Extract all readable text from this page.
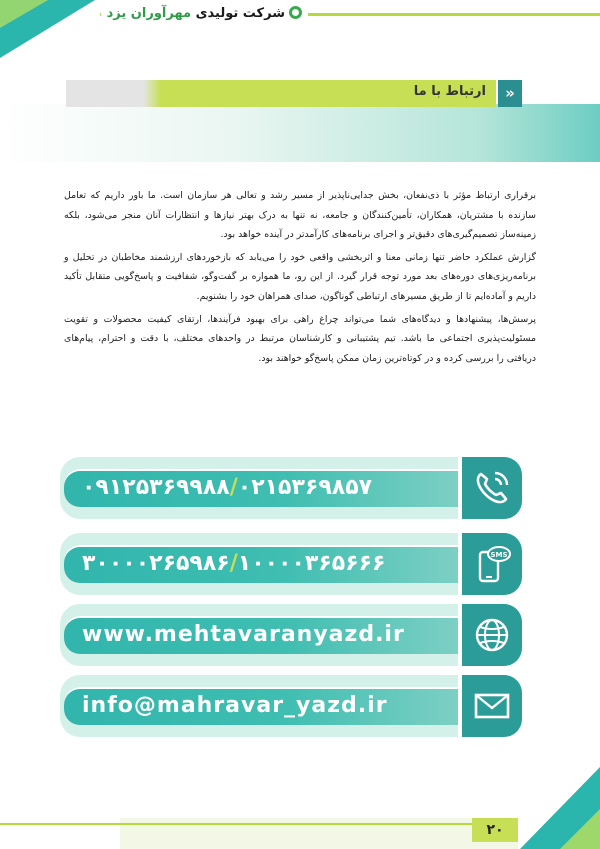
شرکت تولیدی مهرآوران یزد
ارتباط با ما	»

برقراری ارتباط مؤثر با ذی‌نفعان، بخش جدایی‌ناپذیر از مسیر رشد و تعالی هر سازمان است. ما باور داریم که تعامل سازنده با مشتریان، همکاران، تأمین‌کنندگان و جامعه، نه تنها به درک بهتر نیازها و انتظارات آنان منجر می‌شود، بلکه زمینه‌ساز تصمیم‌گیری‌های دقیق‌تر و اجرای برنامه‌های کارآمدتر در آینده خواهد بود.

گزارش عملکرد حاضر تنها زمانی معنا و اثربخشی واقعی خود را می‌یابد که بازخوردهای ارزشمند مخاطبان در تحلیل و برنامه‌ریزی‌های دوره‌های بعد مورد توجه قرار گیرد. از این رو، ما همواره بر گفت‌وگو، شفافیت و پاسخ‌گویی متقابل تأکید داریم و آماده‌ایم تا از طریق مسیرهای ارتباطی گوناگون، صدای همراهان خود را بشنویم.

پرسش‌ها، پیشنهادها و دیدگاه‌های شما می‌تواند چراغ راهی برای بهبود فرآیندها، ارتقای کیفیت محصولات و تقویت مسئولیت‌پذیری اجتماعی ما باشد. تیم پشتیبانی و کارشناسان مرتبط در واحدهای مختلف، با دقت و احترام، پیام‌های دریافتی را بررسی کرده و در کوتاه‌ترین زمان ممکن پاسخ‌گو خواهند بود.

۰۹۱۲۵۳۶۹۹۸۸/۰۲۱۵۳۶۹۸۵۷
۳۰۰۰۰۲۶۵۹۸۶/۱۰۰۰۰۳۶۵۶۶۶	SMS
www.mehtavaranyazd.ir
info@mahravar_yazd.ir
۲۰
